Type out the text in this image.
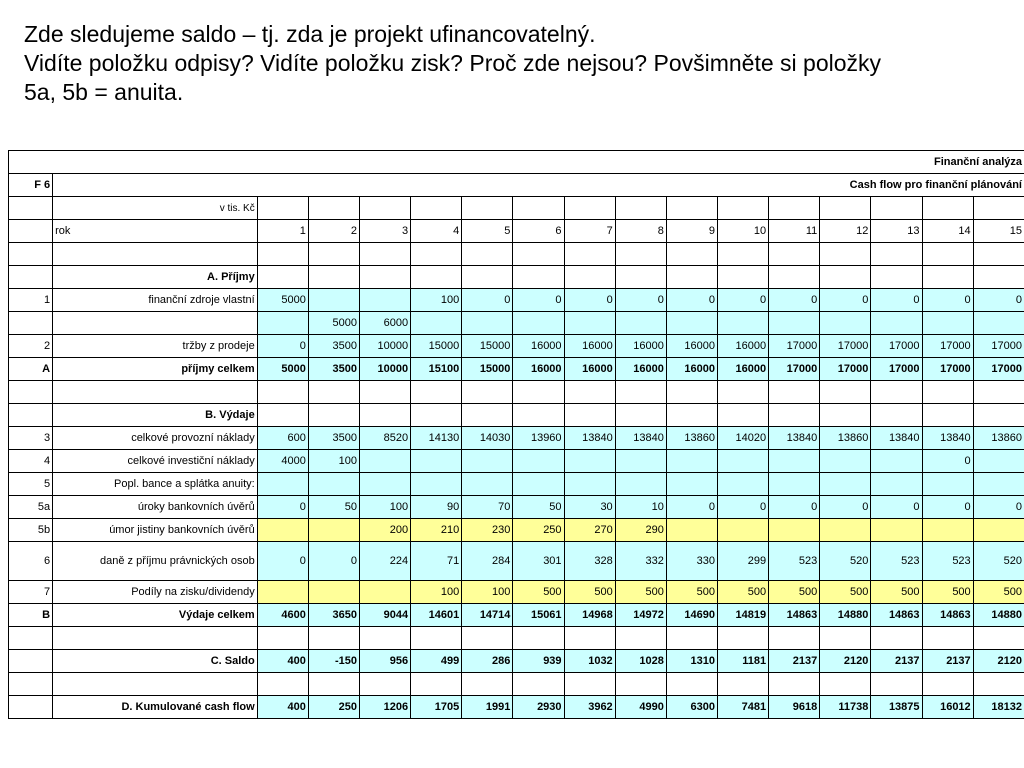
Zde sledujeme saldo – tj. zda je projekt ufinancovatelný.
Vidíte položku odpisy? Vidíte položku zisk? Proč zde nejsou? Povšimněte si položky
5a, 5b = anuita.
Finanční analýza																
F 6	Cash flow pro finanční plánování															
	v tis. Kč															
	rok	1	2	3	4	5	6	7	8	9	10	11	12	13	14	15

	A. Příjmy															
1	finanční zdroje vlastní	5000			100	0	0	0	0	0	0	0	0	0	0	0
			5000	6000												
2	tržby z prodeje	0	3500	10000	15000	15000	16000	16000	16000	16000	16000	17000	17000	17000	17000	17000
A	příjmy celkem	5000	3500	10000	15100	15000	16000	16000	16000	16000	16000	17000	17000	17000	17000	17000

	B. Výdaje															
3	celkové provozní náklady	600	3500	8520	14130	14030	13960	13840	13840	13860	14020	13840	13860	13840	13840	13860
4	celkové investiční náklady	4000	100												0	
5	Popl. bance a splátka anuity:															
5a	úroky bankovních úvěrů	0	50	100	90	70	50	30	10	0	0	0	0	0	0	0
5b	úmor jistiny bankovních úvěrů			200	210	230	250	270	290							
6	daně z příjmu právnických osob	0	0	224	71	284	301	328	332	330	299	523	520	523	523	520
7	Podíly na zisku/dividendy				100	100	500	500	500	500	500	500	500	500	500	500
B	Výdaje celkem	4600	3650	9044	14601	14714	15061	14968	14972	14690	14819	14863	14880	14863	14863	14880

	C. Saldo	400	-150	956	499	286	939	1032	1028	1310	1181	2137	2120	2137	2137	2120

	D. Kumulované cash flow	400	250	1206	1705	1991	2930	3962	4990	6300	7481	9618	11738	13875	16012	18132
